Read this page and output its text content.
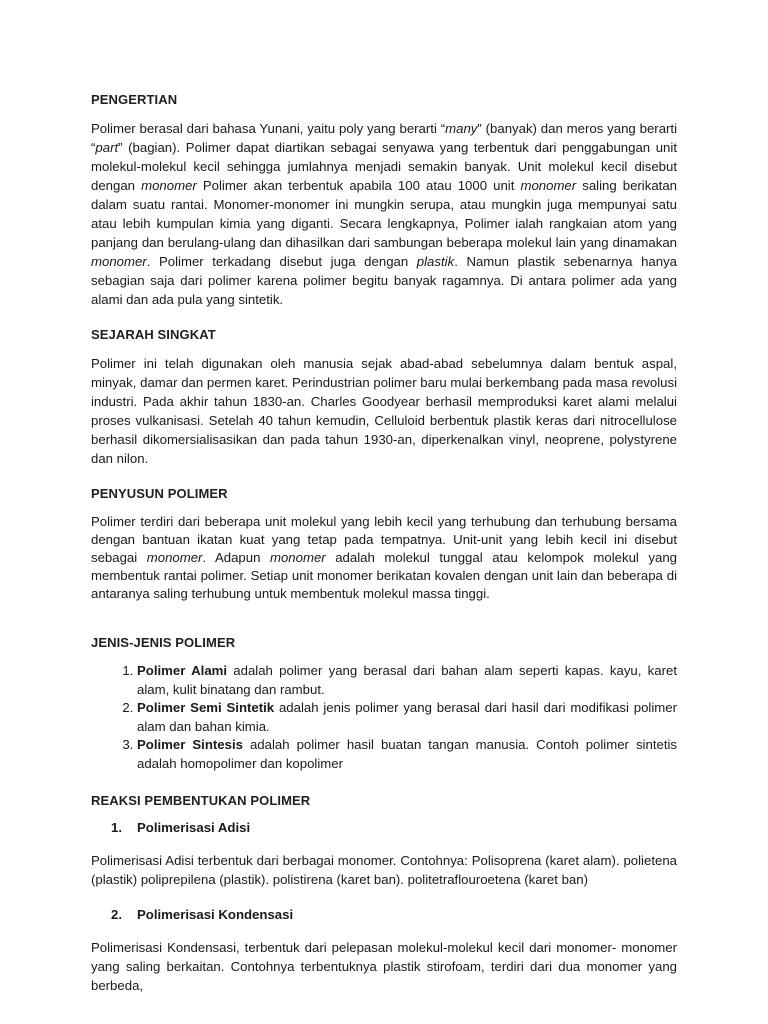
PENGERTIAN

Polimer berasal dari bahasa Yunani, yaitu poly yang berarti “many” (banyak) dan meros yang berarti “part” (bagian). Polimer dapat diartikan sebagai senyawa yang terbentuk dari penggabungan unit molekul-molekul kecil sehingga jumlahnya menjadi semakin banyak. Unit molekul kecil disebut dengan monomer Polimer akan terbentuk apabila 100 atau 1000 unit monomer saling berikatan dalam suatu rantai. Monomer-monomer ini mungkin serupa, atau mungkin juga mempunyai satu atau lebih kumpulan kimia yang diganti. Secara lengkapnya, Polimer ialah rangkaian atom yang panjang dan berulang-ulang dan dihasilkan dari sambungan beberapa molekul lain yang dinamakan monomer. Polimer terkadang disebut juga dengan plastik. Namun plastik sebenarnya hanya sebagian saja dari polimer karena polimer begitu banyak ragamnya. Di antara polimer ada yang alami dan ada pula yang sintetik.

SEJARAH SINGKAT

Polimer ini telah digunakan oleh manusia sejak abad-abad sebelumnya dalam bentuk aspal, minyak, damar dan permen karet. Perindustrian polimer baru mulai berkembang pada masa revolusi industri. Pada akhir tahun 1830-an. Charles Goodyear berhasil memproduksi karet alami melalui proses vulkanisasi. Setelah 40 tahun kemudin, Celluloid berbentuk plastik keras dari nitrocellulose berhasil dikomersialisasikan dan pada tahun 1930-an, diperkenalkan vinyl, neoprene, polystyrene dan nilon.

PENYUSUN POLIMER

Polimer terdiri dari beberapa unit molekul yang lebih kecil yang terhubung dan terhubung bersama dengan bantuan ikatan kuat yang tetap pada tempatnya. Unit-unit yang lebih kecil ini disebut sebagai monomer. Adapun monomer adalah molekul tunggal atau kelompok molekul yang membentuk rantai polimer. Setiap unit monomer berikatan kovalen dengan unit lain dan beberapa di antaranya saling terhubung untuk membentuk molekul massa tinggi.

JENIS-JENIS POLIMER
1. Polimer Alami adalah polimer yang berasal dari bahan alam seperti kapas. kayu, karet alam, kulit binatang dan rambut.
2. Polimer Semi Sintetik adalah jenis polimer yang berasal dari hasil dari modifikasi polimer alam dan bahan kimia.
3. Polimer Sintesis adalah polimer hasil buatan tangan manusia. Contoh polimer sintetis adalah homopolimer dan kopolimer
REAKSI PEMBENTUKAN POLIMER
1.	Polimerisasi Adisi

Polimerisasi Adisi terbentuk dari berbagai monomer. Contohnya: Polisoprena (karet alam). polietena (plastik) poliprepilena (plastik). polistirena (karet ban). politetraflouroetena (karet ban)

2.	Polimerisasi Kondensasi

Polimerisasi Kondensasi, terbentuk dari pelepasan molekul-molekul kecil dari monomer- monomer yang saling berkaitan. Contohnya terbentuknya plastik stirofoam, terdiri dari dua monomer yang berbeda,
